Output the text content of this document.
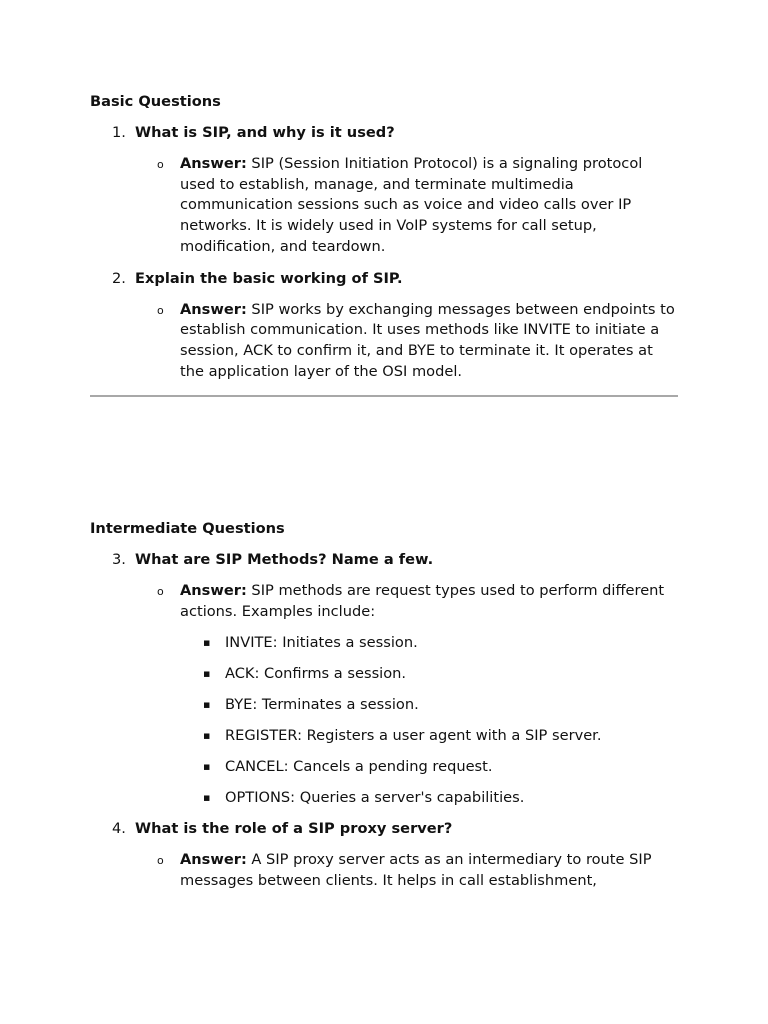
Basic Questions
1. What is SIP, and why is it used?
o Answer: SIP (Session Initiation Protocol) is a signaling protocol used to establish, manage, and terminate multimedia communication sessions such as voice and video calls over IP networks. It is widely used in VoIP systems for call setup, modification, and teardown.
2. Explain the basic working of SIP.
o Answer: SIP works by exchanging messages between endpoints to establish communication. It uses methods like INVITE to initiate a session, ACK to confirm it, and BYE to terminate it. It operates at the application layer of the OSI model.
Intermediate Questions
3. What are SIP Methods? Name a few.
o Answer: SIP methods are request types used to perform different actions. Examples include:
▪ INVITE: Initiates a session.
▪ ACK: Confirms a session.
▪ BYE: Terminates a session.
▪ REGISTER: Registers a user agent with a SIP server.
▪ CANCEL: Cancels a pending request.
▪ OPTIONS: Queries a server's capabilities.
4. What is the role of a SIP proxy server?
o Answer: A SIP proxy server acts as an intermediary to route SIP messages between clients. It helps in call establishment,
